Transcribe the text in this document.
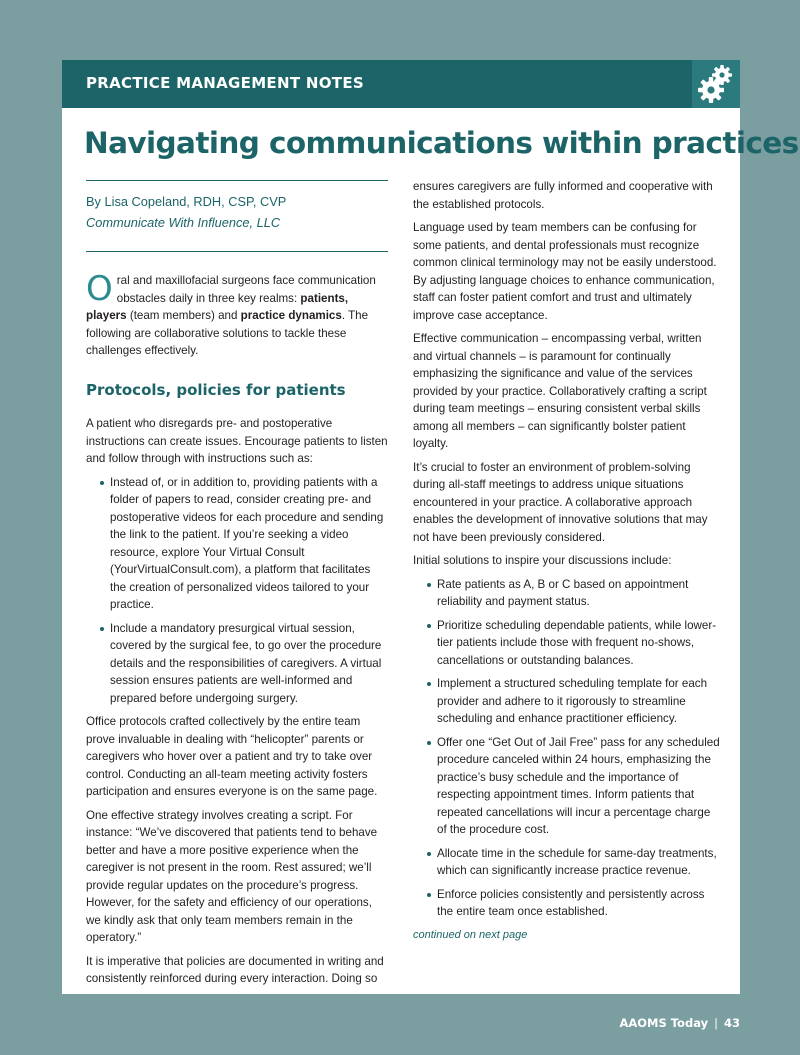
PRACTICE MANAGEMENT NOTES
Navigating communications within practices

By Lisa Copeland, RDH, CSP, CVP
Communicate With Influence, LLC

Oral and maxillofacial surgeons face communication obstacles daily in three key realms: patients, players (team members) and practice dynamics. The following are collaborative solutions to tackle these challenges effectively.

Protocols, policies for patients

A patient who disregards pre- and postoperative instructions can create issues. Encourage patients to listen and follow through with instructions such as:

Instead of, or in addition to, providing patients with a folder of papers to read, consider creating pre- and postoperative videos for each procedure and sending the link to the patient. If you’re seeking a video resource, explore Your Virtual Consult (YourVirtualConsult.com), a platform that facilitates the creation of personalized videos tailored to your practice.
Include a mandatory presurgical virtual session, covered by the surgical fee, to go over the procedure details and the responsibilities of caregivers. A virtual session ensures patients are well-informed and prepared before undergoing surgery.

Office protocols crafted collectively by the entire team prove invaluable in dealing with “helicopter” parents or caregivers who hover over a patient and try to take over control. Conducting an all-team meeting activity fosters participation and ensures everyone is on the same page.

One effective strategy involves creating a script. For instance: “We’ve discovered that patients tend to behave better and have a more positive experience when the caregiver is not present in the room. Rest assured; we’ll provide regular updates on the procedure’s progress. However, for the safety and efficiency of our operations, we kindly ask that only team members remain in the operatory.”

It is imperative that policies are documented in writing and consistently reinforced during every interaction. Doing so

ensures caregivers are fully informed and cooperative with the established protocols.

Language used by team members can be confusing for some patients, and dental professionals must recognize common clinical terminology may not be easily understood. By adjusting language choices to enhance communication, staff can foster patient comfort and trust and ultimately improve case acceptance.

Effective communication – encompassing verbal, written and virtual channels – is paramount for continually emphasizing the significance and value of the services provided by your practice. Collaboratively crafting a script during team meetings – ensuring consistent verbal skills among all members – can significantly bolster patient loyalty.

It’s crucial to foster an environment of problem-solving during all-staff meetings to address unique situations encountered in your practice. A collaborative approach enables the development of innovative solutions that may not have been previously considered.

Initial solutions to inspire your discussions include:

Rate patients as A, B or C based on appointment reliability and payment status.
Prioritize scheduling dependable patients, while lower-tier patients include those with frequent no-shows, cancellations or outstanding balances.
Implement a structured scheduling template for each provider and adhere to it rigorously to streamline scheduling and enhance practitioner efficiency.
Offer one “Get Out of Jail Free” pass for any scheduled procedure canceled within 24 hours, emphasizing the practice’s busy schedule and the importance of respecting appointment times. Inform patients that repeated cancellations will incur a percentage charge of the procedure cost.
Allocate time in the schedule for same-day treatments, which can significantly increase practice revenue.
Enforce policies consistently and persistently across the entire team once established.

continued on next page

AAOMS Today | 43
